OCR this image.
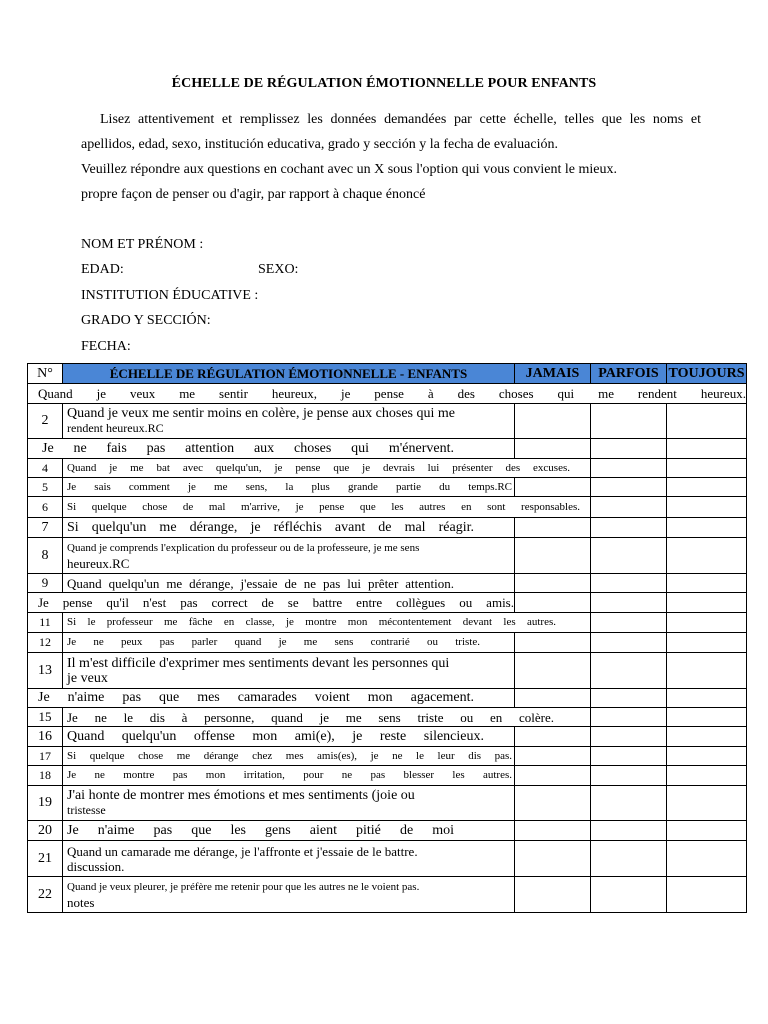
ÉCHELLE DE RÉGULATION ÉMOTIONNELLE POUR ENFANTS
Lisez attentivement et remplissez les données demandées par cette échelle, telles que les noms et
apellidos, edad, sexo, institución educativa, grado y sección y la fecha de evaluación.
Veuillez répondre aux questions en cochant avec un X sous l'option qui vous convient le mieux.
propre façon de penser ou d'agir, par rapport à chaque énoncé
NOM ET PRÉNOM :
EDAD:	SEXO:
INSTITUTION ÉDUCATIVE :
GRADO Y SECCIÓN:
FECHA:
N°	ÉCHELLE DE RÉGULATION ÉMOTIONNELLE - ENFANTS	JAMAIS	PARFOIS	TOUJOURS
Quand je veux me sentir heureux, je pense à des choses qui me rendent heureux.				
2	Quand je veux me sentir moins en colère, je pense aux choses qui me
rendent heureux.RC			

Je ne fais pas attention aux choses qui m'énervent.				
4	Quand je me bat avec quelqu'un, je pense que je devrais lui présenter des excuses.			
5	Je sais comment je me sens, la plus grande partie du temps.RC			
6	Si quelque chose de mal m'arrive, je pense que les autres en sont responsables.			
7	Si quelqu'un me dérange, je réfléchis avant de mal réagir.			
8	Quand je comprends l'explication du professeur ou de la professeure, je me sens
heureux.RC			

9	Quand quelqu'un me dérange, j'essaie de ne pas lui prêter attention.			
Je pense qu'il n'est pas correct de se battre entre collègues ou amis.				
11	Si le professeur me fâche en classe, je montre mon mécontentement devant les autres.			
12	Je ne peux pas parler quand je me sens contrarié ou triste.			
13	Il m'est difficile d'exprimer mes sentiments devant les personnes qui
je veux			

Je n'aime pas que mes camarades voient mon agacement.				
15	Je ne le dis à personne, quand je me sens triste ou en colère.			
16	Quand quelqu'un offense mon ami(e), je reste silencieux.			
17	Si quelque chose me dérange chez mes amis(es), je ne le leur dis pas.			
18	Je ne montre pas mon irritation, pour ne pas blesser les autres.			
19	J'ai honte de montrer mes émotions et mes sentiments (joie ou
tristesse			

20	Je n'aime pas que les gens aient pitié de moi			
21	Quand un camarade me dérange, je l'affronte et j'essaie de le battre.
discussion.			

22	Quand je veux pleurer, je préfère me retenir pour que les autres ne le voient pas.
notes			
